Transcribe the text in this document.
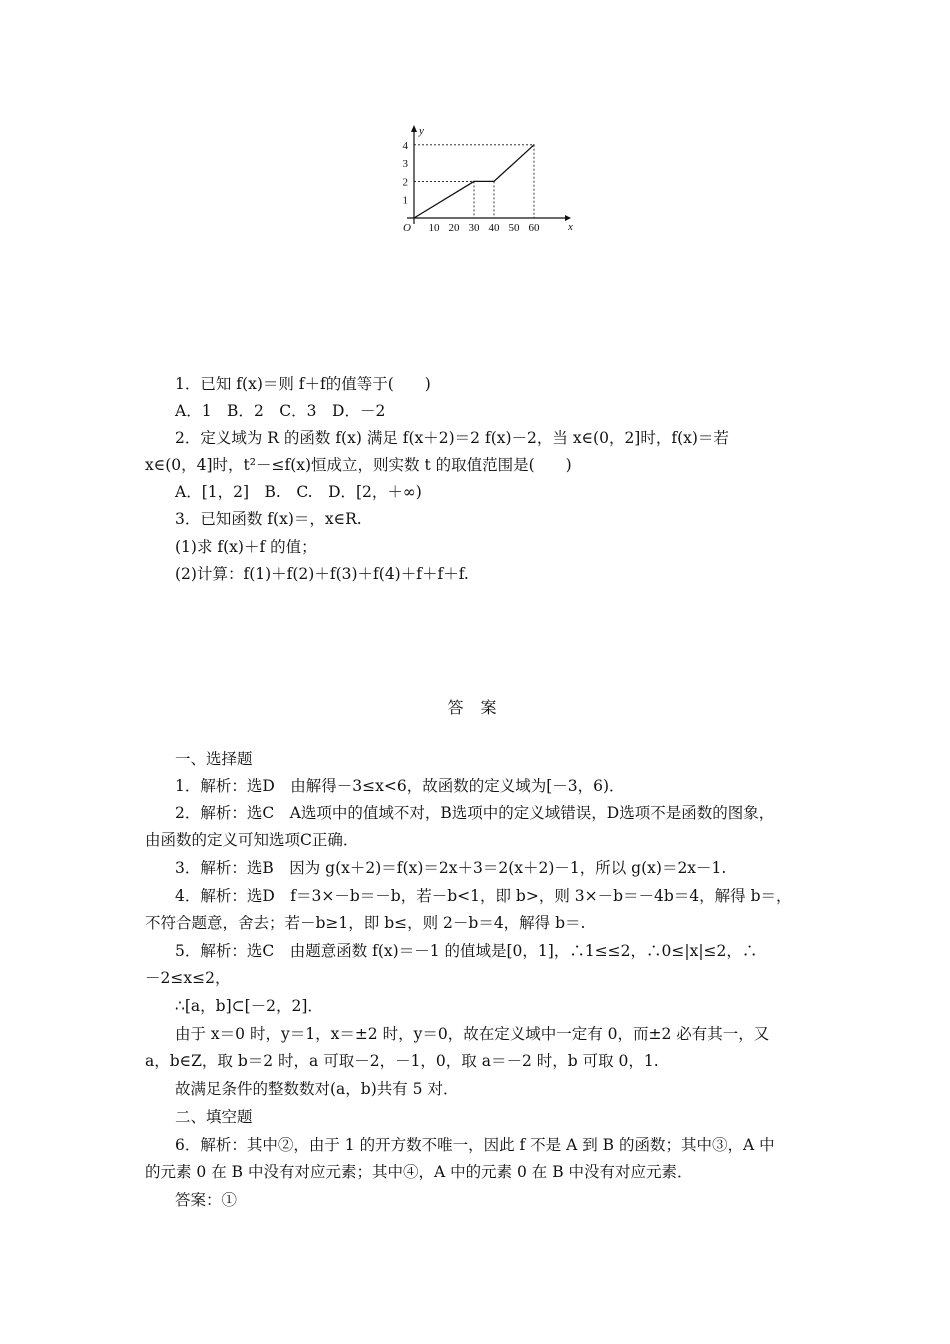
x
y
O 10 20 30 40 50 60
1
2
3
4
1．已知 f(x)＝则 f＋f的值等于(　　)
A．1　B．2　C．3　D．－2
2．定义域为 R 的函数 f(x) 满足 f(x＋2)＝2 f(x)－2，当 x∈(0，2]时，f(x)＝若
x∈(0，4]时，t²－≤f(x)恒成立，则实数 t 的取值范围是(　　)
A．[1，2]　B.　C.　D．[2，＋∞)
3．已知函数 f(x)＝，x∈R.
(1)求 f(x)＋f 的值；
(2)计算：f(1)＋f(2)＋f(3)＋f(4)＋f＋f＋f.
答 案
一、选择题
1．解析：选D　由解得－3≤x<6，故函数的定义域为[－3，6)．
2．解析：选C　A选项中的值域不对，B选项中的定义域错误，D选项不是函数的图象，
由函数的定义可知选项C正确．
3．解析：选B　因为 g(x＋2)＝f(x)＝2x＋3＝2(x＋2)－1，所以 g(x)＝2x－1.
4．解析：选D　f＝3×－b＝－b，若－b<1，即 b>，则 3×－b＝－4b＝4，解得 b＝，
不符合题意，舍去；若－b≥1，即 b≤，则 2－b＝4，解得 b＝.
5．解析：选C　由题意函数 f(x)＝－1 的值域是[0，1]，∴1≤≤2，∴0≤|x|≤2，∴
－2≤x≤2，
∴[a，b]⊂[－2，2]．
由于 x＝0 时，y＝1，x＝±2 时，y＝0，故在定义域中一定有 0，而±2 必有其一，又
a，b∈Z，取 b＝2 时，a 可取－2，－1，0，取 a＝－2 时，b 可取 0，1.
故满足条件的整数数对(a，b)共有 5 对．
二、填空题
6．解析：其中②，由于 1 的开方数不唯一，因此 f 不是 A 到 B 的函数；其中③，A 中
的元素 0 在 B 中没有对应元素；其中④，A 中的元素 0 在 B 中没有对应元素．
答案：①
